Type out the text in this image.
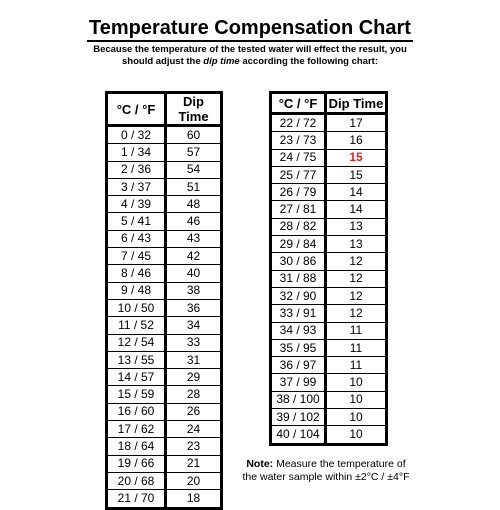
Temperature Compensation Chart
Because the temperature of the tested water will effect the result, you
should adjust the dip time according the following chart:
°C / °F	Dip Time
0 / 32	60
1 / 34	57
2 / 36	54
3 / 37	51
4 / 39	48
5 / 41	46
6 / 43	43
7 / 45	42
8 / 46	40
9 / 48	38
10 / 50	36
11 / 52	34
12 / 54	33
13 / 55	31
14 / 57	29
15 / 59	28
16 / 60	26
17 / 62	24
18 / 64	23
19 / 66	21
20 / 68	20
21 / 70	18
°C / °F	Dip Time
22 / 72	17
23 / 73	16
24 / 75	15
25 / 77	15
26 / 79	14
27 / 81	14
28 / 82	13
29 / 84	13
30 / 86	12
31 / 88	12
32 / 90	12
33 / 91	12
34 / 93	11
35 / 95	11
36 / 97	11
37 / 99	10
38 / 100	10
39 / 102	10
40 / 104	10
Note: Measure the temperature of
the water sample within ±2°C / ±4°F
